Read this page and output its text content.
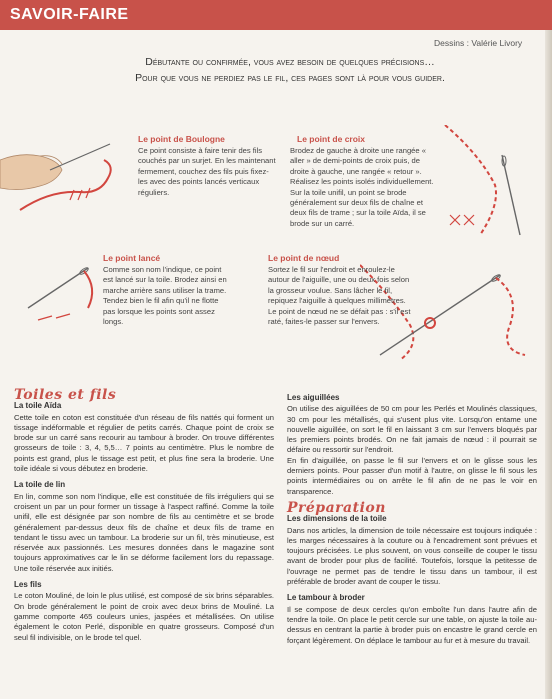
SAVOIR-FAIRE
Dessins : Valérie Livory
Débutante ou confirmée, vous avez besoin de quelques précisions…
Pour que vous ne perdiez pas le fil, ces pages sont là pour vous guider.
Le point de Boulogne
Ce point consiste à faire tenir des fils couchés par un surjet. En les maintenant fermement, couchez des fils puis fixez-les avec des points lancés verticaux réguliers.
Le point de croix
Brodez de gauche à droite une rangée « aller » de demi-points de croix puis, de droite à gauche, une rangée « retour ». Réalisez les points isolés individuellement. Sur la toile unifil, un point se brode généralement sur deux fils de chaîne et deux fils de trame ; sur la toile Aïda, il se brode sur un carré.
Le point lancé
Comme son nom l'indique, ce point est lancé sur la toile. Brodez ainsi en marche arrière sans utiliser la trame. Tendez bien le fil afin qu'il ne flotte pas lorsque les points sont assez longs.
Le point de nœud
Sortez le fil sur l'endroit et enroulez-le autour de l'aiguille, une ou deux fois selon la grosseur voulue. Sans lâcher le fil, repiquez l'aiguille à quelques millimètres. Le point de nœud ne se défait pas : s'il est raté, faites-le passer sur l'envers.
Toiles et fils
La toile Aïda

Cette toile en coton est constituée d'un réseau de fils nattés qui forment un tissage indéformable et régulier de petits carrés. Chaque point de croix se brode sur un carré sans recourir au tambour à broder. On trouve différentes grosseurs de toile : 3, 4, 5,5… 7 points au centimètre. Plus le nombre de points est grand, plus le tissage est petit, et plus fine sera la broderie. Une toile idéale si vous débutez en broderie.

La toile de lin

En lin, comme son nom l'indique, elle est constituée de fils irréguliers qui se croisent un par un pour former un tissage à l'aspect raffiné. Comme la toile unifil, elle est désignée par son nombre de fils au centimètre et se brode généralement par-dessus deux fils de chaîne et deux fils de trame en tendant le tissu avec un tambour. La broderie sur un fil, très minutieuse, est réservée aux passionnés. Les mesures données dans le magazine sont toujours approximatives car le lin se déforme facilement lors du repassage. Une toile réservée aux initiés.

Les fils

Le coton Mouliné, de loin le plus utilisé, est composé de six brins séparables. On brode généralement le point de croix avec deux brins de Mouliné. La gamme comporte 465 couleurs unies, jaspées et métallisées. On utilise également le coton Perlé, disponible en quatre grosseurs. Composé d'un seul fil indivisible, on le brode tel quel.

Les aiguillées

On utilise des aiguillées de 50 cm pour les Perlés et Moulinés classiques, 30 cm pour les métallisés, qui s'usent plus vite. Lorsqu'on entame une nouvelle aiguillée, on sort le fil en laissant 3 cm sur l'envers bloqués par les premiers points brodés. On ne fait jamais de nœud : il pourrait se défaire ou ressortir sur l'endroit.

En fin d'aiguillée, on passe le fil sur l'envers et on le glisse sous les derniers points. Pour passer d'un motif à l'autre, on glisse le fil sous les points intermédiaires ou on arrête le fil afin de ne pas le voir en transparence.

Préparation
Les dimensions de la toile

Dans nos articles, la dimension de toile nécessaire est toujours indiquée : les marges nécessaires à la couture ou à l'encadrement sont prévues et toujours précisées. Le plus souvent, on vous conseille de couper le tissu avant de broder pour plus de facilité. Toutefois, lorsque la petitesse de l'ouvrage ne permet pas de tendre le tissu dans un tambour, il est préférable de broder avant de couper le tissu.

Le tambour à broder

Il se compose de deux cercles qu'on emboîte l'un dans l'autre afin de tendre la toile. On place le petit cercle sur une table, on ajuste la toile au-dessus en centrant la partie à broder puis on encastre le grand cercle en forçant légèrement. On déplace le tambour au fur et à mesure du travail.
